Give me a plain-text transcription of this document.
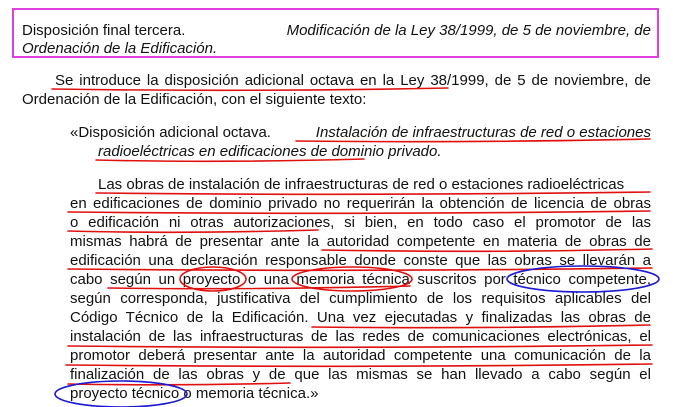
Disposición final tercera.	Modificación de la Ley 38/1999, de 5 de noviembre, de
Ordenación de la Edificación.
Se introduce la disposición adicional octava en la Ley 38/1999, de 5 de noviembre, de
Ordenación de la Edificación, con el siguiente texto:
«Disposición adicional octava.	Instalación de infraestructuras de red o estaciones
radioeléctricas en edificaciones de dominio privado.
Las obras de instalación de infraestructuras de red o estaciones radioeléctricas
en edificaciones de dominio privado no requerirán la obtención de licencia de obras
o edificación ni otras autorizaciones, si bien, en todo caso el promotor de las
mismas habrá de presentar ante la autoridad competente en materia de obras de
edificación una declaración responsable donde conste que las obras se llevarán a
cabo según un proyecto o una memoria técnica suscritos por técnico competente,
según corresponda, justificativa del cumplimiento de los requisitos aplicables del
Código Técnico de la Edificación. Una vez ejecutadas y finalizadas las obras de
instalación de las infraestructuras de las redes de comunicaciones electrónicas, el
promotor deberá presentar ante la autoridad competente una comunicación de la
finalización de las obras y de que las mismas se han llevado a cabo según el
proyecto técnico o memoria técnica.»
